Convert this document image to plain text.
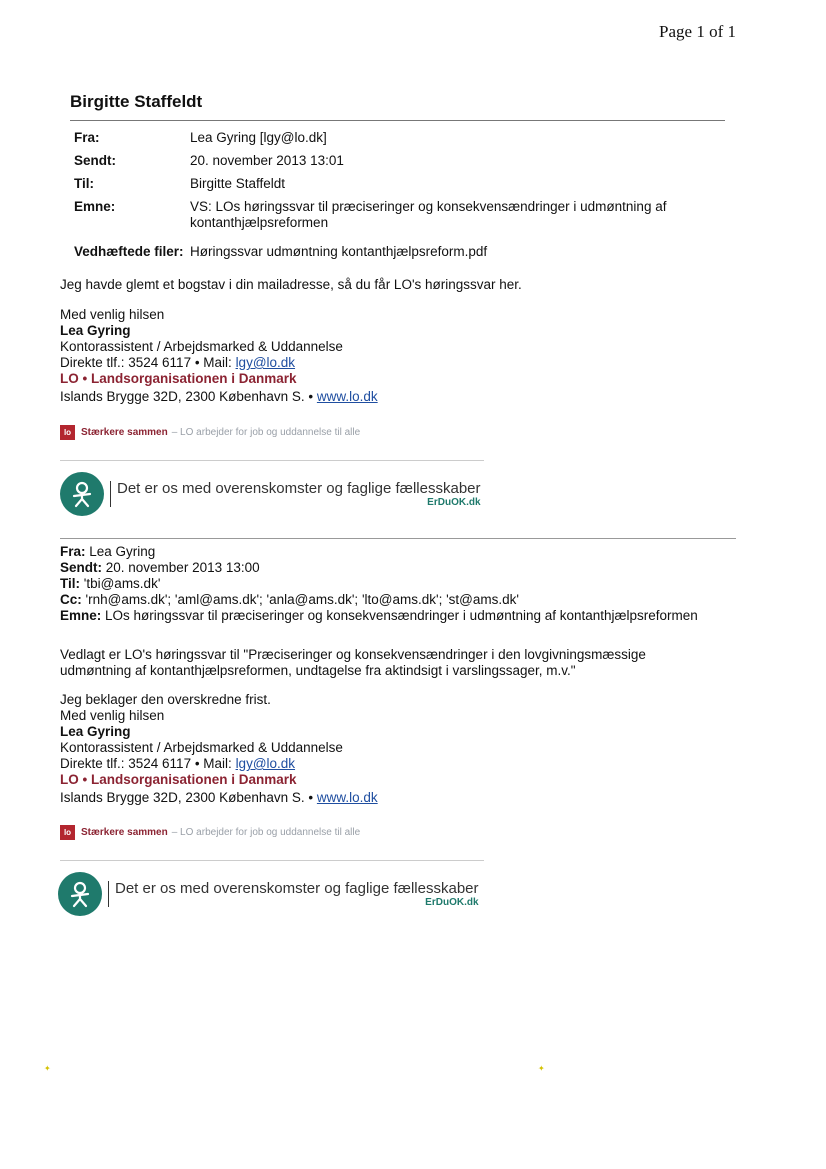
Page 1 of 1
Birgitte Staffeldt
Fra:	Lea Gyring [lgy@lo.dk]
Sendt:	20. november 2013 13:01
Til:	Birgitte Staffeldt
Emne:	VS: LOs høringssvar til præciseringer og konsekvensændringer i udmøntning af kontanthjælpsreformen
Vedhæftede filer:	Høringssvar udmøntning kontanthjælpsreform.pdf
Jeg havde glemt et bogstav i din mailadresse, så du får LO's høringssvar her.
Med venlig hilsen
Lea Gyring
Kontorassistent / Arbejdsmarked & Uddannelse
Direkte tlf.: 3524 6117 • Mail: lgy@lo.dk
LO • Landsorganisationen i Danmark
Islands Brygge 32D, 2300 København S. • www.lo.dk
lo Stærkere sammen – LO arbejder for job og uddannelse til alle
Det er os med overenskomster og faglige fællesskaber
ErDuOK.dk
Fra: Lea Gyring
Sendt: 20. november 2013 13:00
Til: 'tbi@ams.dk'
Cc: 'rnh@ams.dk'; 'aml@ams.dk'; 'anla@ams.dk'; 'lto@ams.dk'; 'st@ams.dk'
Emne: LOs høringssvar til præciseringer og konsekvensændringer i udmøntning af kontanthjælpsreformen
Vedlagt er LO's høringssvar til "Præciseringer og konsekvensændringer i den lovgivningsmæssige udmøntning af kontanthjælpsreformen, undtagelse fra aktindsigt i varslingssager, m.v."
Jeg beklager den overskredne frist.
Med venlig hilsen
Lea Gyring
Kontorassistent / Arbejdsmarked & Uddannelse
Direkte tlf.: 3524 6117 • Mail: lgy@lo.dk
LO • Landsorganisationen i Danmark
Islands Brygge 32D, 2300 København S. • www.lo.dk
lo Stærkere sammen – LO arbejder for job og uddannelse til alle
Det er os med overenskomster og faglige fællesskaber
ErDuOK.dk
✦	✦
